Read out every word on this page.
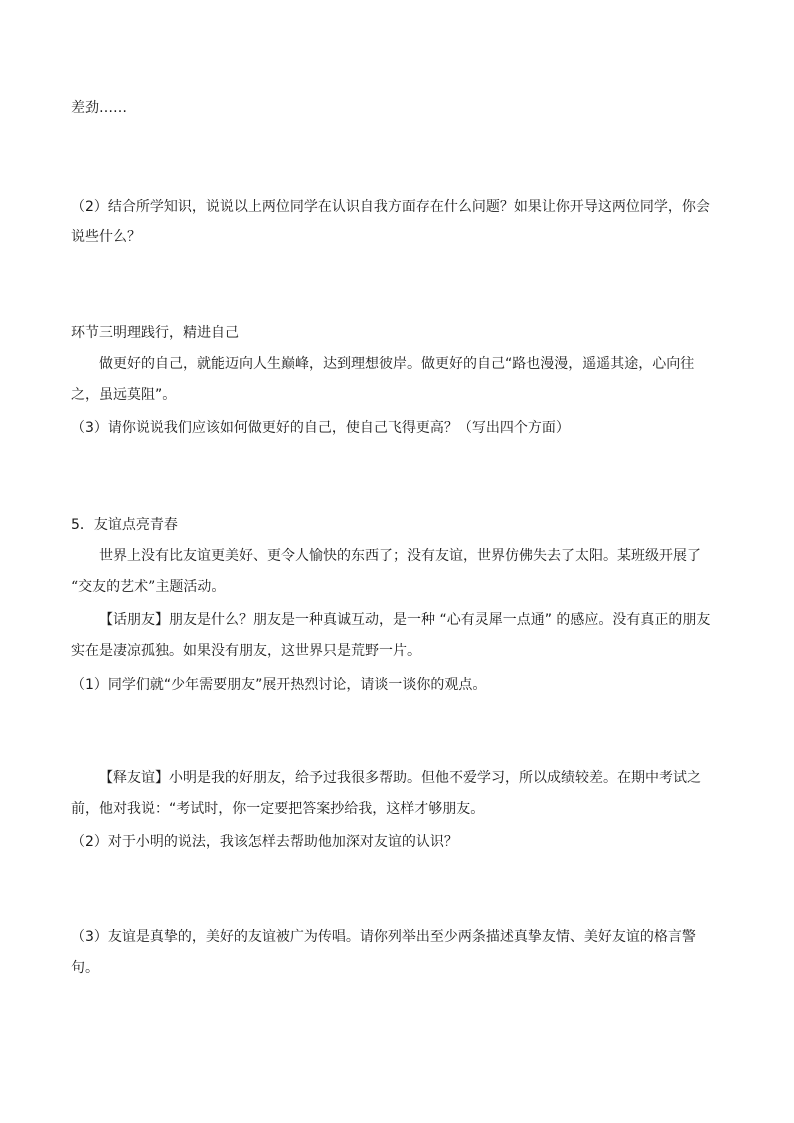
差劲……
（2）结合所学知识，说说以上两位同学在认识自我方面存在什么问题？如果让你开导这两位同学，你会
说些什么？
环节三明理践行，精进自己
做更好的自己，就能迈向人生巅峰，达到理想彼岸。做更好的自己“路也漫漫，遥遥其途，心向往
之，虽远莫阻”。
（3）请你说说我们应该如何做更好的自己，使自己飞得更高？（写出四个方面）
5．友谊点亮青春
世界上没有比友谊更美好、更令人愉快的东西了；没有友谊，世界仿佛失去了太阳。某班级开展了
“交友的艺术”主题活动。
【话朋友】朋友是什么？朋友是一种真诚互动，是一种 “心有灵犀一点通” 的感应。没有真正的朋友
实在是凄凉孤独。如果没有朋友，这世界只是荒野一片。
（1）同学们就“少年需要朋友”展开热烈讨论，请谈一谈你的观点。
【释友谊】小明是我的好朋友，给予过我很多帮助。但他不爱学习，所以成绩较差。在期中考试之
前，他对我说：“考试时，你一定要把答案抄给我，这样才够朋友。
（2）对于小明的说法，我该怎样去帮助他加深对友谊的认识？
（3）友谊是真挚的，美好的友谊被广为传唱。请你列举出至少两条描述真挚友情、美好友谊的格言警
句。
